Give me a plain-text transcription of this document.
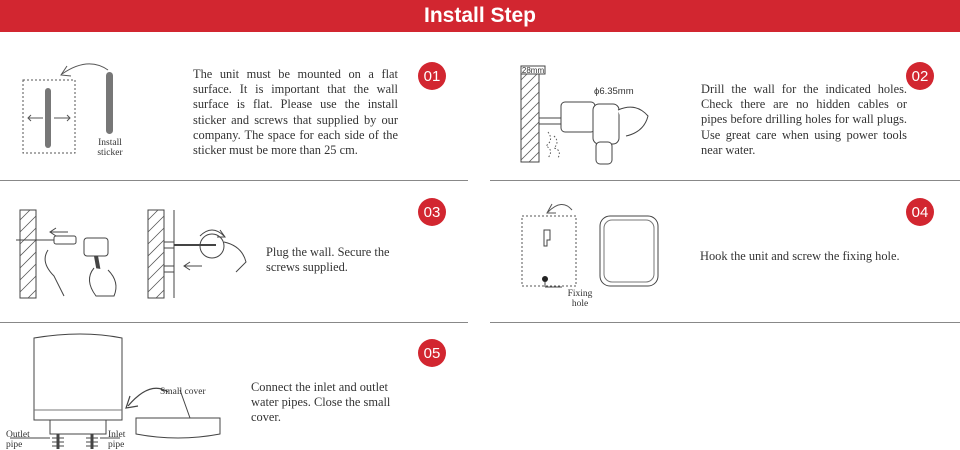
Install Step
Install sticker
The unit must be mounted on a flat surface. It is important that the wall surface is flat. Please use the install sticker and screws that supplied by our company. The space for each side of the sticker must be more than 25 cm.
01	28mm
ϕ6.35mm	Drill the wall for the indicated holes. Check there are no hidden cables or pipes before drilling holes for wall plugs. Use great care when using power tools near water.
02
Plug the wall. Secure the screws supplied.
03
Fixing hole
Hook the unit and screw the fixing hole.
04
Small cover
Outlet pipe
Inlet pipe
Connect the inlet and outlet water pipes. Close the small cover.
05
